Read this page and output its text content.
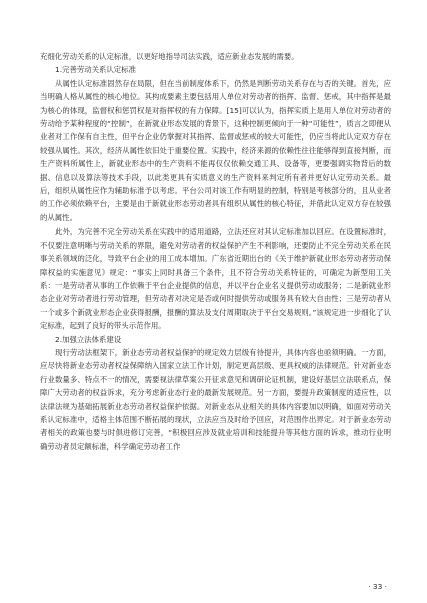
充细化劳动关系的认定标准，以更好地指导司法实践，适应新业态发展的需要。

1.完善劳动关系认定标准

从属性认定标准固然存在局限，但在当前制度体系下，仍然是判断劳动关系存在与否的关键。首先，应当明确人格从属性的核心地位。其构成要素主要包括用人单位对劳动者的指挥、监督、惩戒，其中指挥是最为核心的体现，监督权和惩罚权是对指挥权的有力保障。[15]可以认为，指挥实质上是用人单位对劳动者的劳动给予某种程度的“控制”，在新就业形态发展的背景下，这种控制更倾向于一种“可能性”，质言之即便从业者对工作保有自主性，但平台企业仍掌握对其指挥、监督或惩戒的较大可能性，仍应当将此认定双方存在较强从属性。其次，经济从属性依旧处于重要位置。实践中，经济来源的依赖性往往能够得到直接判断，而生产资料所属性上，新就业形态中的生产资料不能再仅仅依赖交通工具、设备等，更要强调实物背后的数据、信息以及算法等技术手段，以此类更具有实质意义的生产资料来判定所有者并更好认定劳动关系。最后，组织从属性应作为辅助标准予以考虑。平台公司对该工作有明显的控制，特别是考核部分的，且从业者的工作必须依赖平台，主要是由于新就业形态劳动者具有组织从属性的核心特征，并借此认定双方存在较强的从属性。

此外，为完善不完全劳动关系在实践中的适用道路，立法还应对其认定标准加以回应。在设置标准时，不仅要注意明晰与劳动关系的界限，避免对劳动者的权益保护产生不利影响，还要防止不完全劳动关系在民事关系领域的泛化，导致平台企业的用工成本增加。广东省近期出台的《关于维护新就业形态劳动者劳动保障权益的实施意见》规定：“事实上同时具备三个条件，且不符合劳动关系特征的，可确定为新型用工关系：一是劳动者从事的工作依赖于平台企业提供的信息，并以平台企业名义提供劳动或服务；二是新就业形态企业对劳动者进行劳动管理，但劳动者对决定是否或何时提供劳动或服务具有较大自由性；三是劳动者从一个或多个新就业形态企业获得报酬，报酬的算法及支付周期取决于平台交易规则。”该规定进一步细化了认定标准，起到了良好的带头示范作用。

2.加强立法体系建设

现行劳动法框架下，新业态劳动者权益保护的规定效力层级有待提升，具体内容也亟须明确。一方面，应尽快将新业态劳动者权益保障纳入国家立法工作计划，制定更高层级、更具权威的法律规范。针对新业态行业数量多、特点不一的情况，需要视法律草案公开征求意见和调研论证机制，建设好基层立法联系点，保障广大劳动者的权益诉求，充分考虑新业态行业的最新发展规范。另一方面，要提升政策制度的适应性，以法律法规为基础拓展新业态劳动者权益保护依据。对新业态从业相关的具体内容要加以明确，如面对劳动关系认定标准中，适格主体范围不断拓展的现状，立法应当及时给予回应，对范围作出界定。对于新业态劳动者相关的政策也要与时俱进修订完善，“积极回应涉及就业培训和技能提升等其他方面的诉求，推动行业明确劳动者员定额标准，科学确定劳动者工作

· 33 ·
